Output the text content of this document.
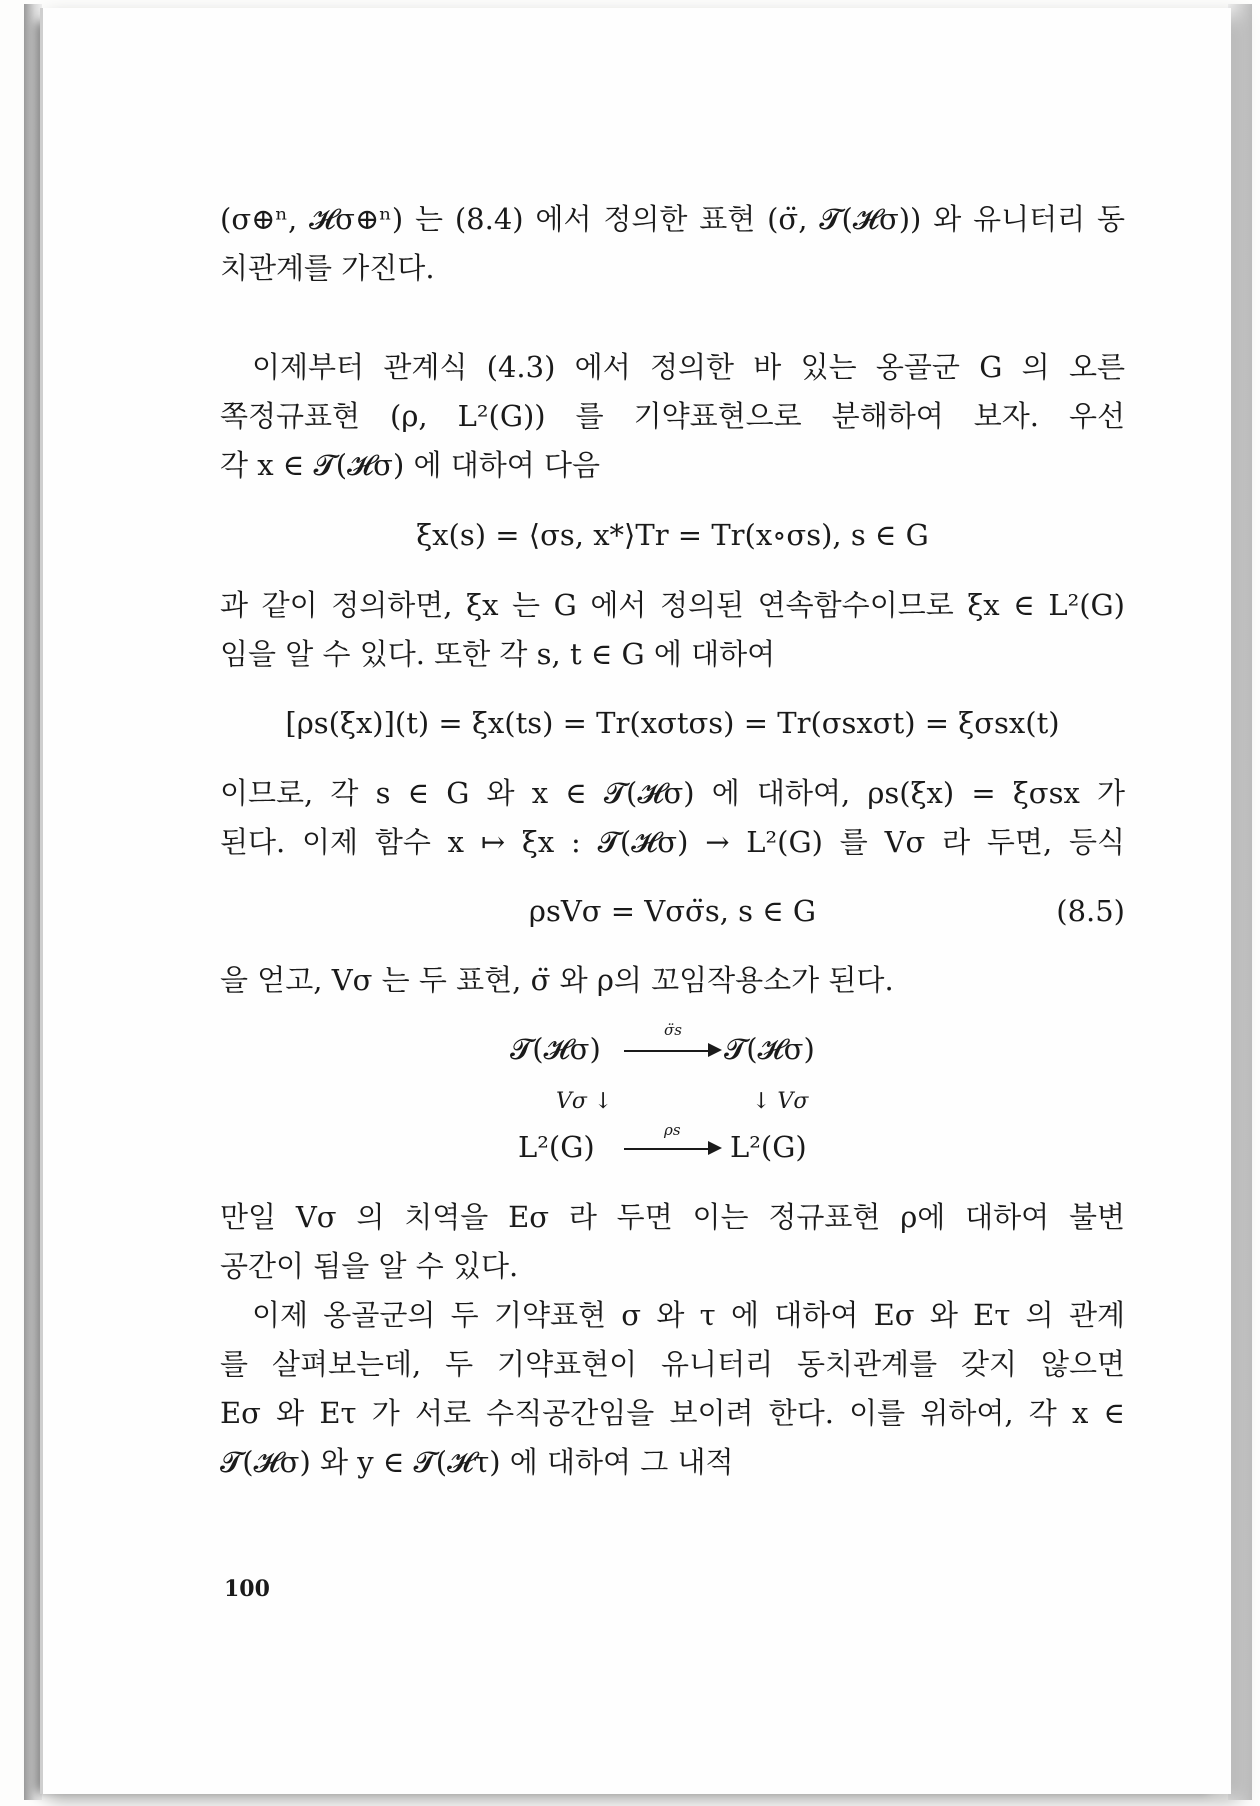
(σ⊕ⁿ, 𝓗σ⊕ⁿ) 는 (8.4) 에서 정의한 표현 (σ̈, 𝓣(𝓗σ)) 와 유니터리 동
치관계를 가진다.
이제부터 관계식 (4.3) 에서 정의한 바 있는 옹골군 G 의 오른
쪽정규표현 (ρ, L²(G)) 를 기약표현으로 분해하여 보자. 우선
각 x ∈ 𝓣(𝓗σ) 에 대하여 다음
ξx(s) = ⟨σs, x*⟩Tr = Tr(x∘σs), s ∈ G
과 같이 정의하면, ξx 는 G 에서 정의된 연속함수이므로 ξx ∈ L²(G)
임을 알 수 있다. 또한 각 s, t ∈ G 에 대하여
[ρs(ξx)](t) = ξx(ts) = Tr(xσtσs) = Tr(σsxσt) = ξσsx(t)
이므로, 각 s ∈ G 와 x ∈ 𝓣(𝓗σ) 에 대하여, ρs(ξx) = ξσsx 가
된다. 이제 함수 x ↦ ξx : 𝓣(𝓗σ) → L²(G) 를 Vσ 라 두면, 등식
ρsVσ = Vσσ̈s, s ∈ G	(8.5)
을 얻고, Vσ 는 두 표현, σ̈ 와 ρ의 꼬임작용소가 된다.
𝓣(𝓗σ)
σ̈s
𝓣(𝓗σ)
Vσ ↓	↓ Vσ
L²(G)	ρs L²(G)
만일 Vσ 의 치역을 Eσ 라 두면 이는 정규표현 ρ에 대하여 불변
공간이 됨을 알 수 있다.
이제 옹골군의 두 기약표현 σ 와 τ 에 대하여 Eσ 와 Eτ 의 관계
를 살펴보는데, 두 기약표현이 유니터리 동치관계를 갖지 않으면
Eσ 와 Eτ 가 서로 수직공간임을 보이려 한다. 이를 위하여, 각 x ∈
𝓣(𝓗σ) 와 y ∈ 𝓣(𝓗τ) 에 대하여 그 내적
100
